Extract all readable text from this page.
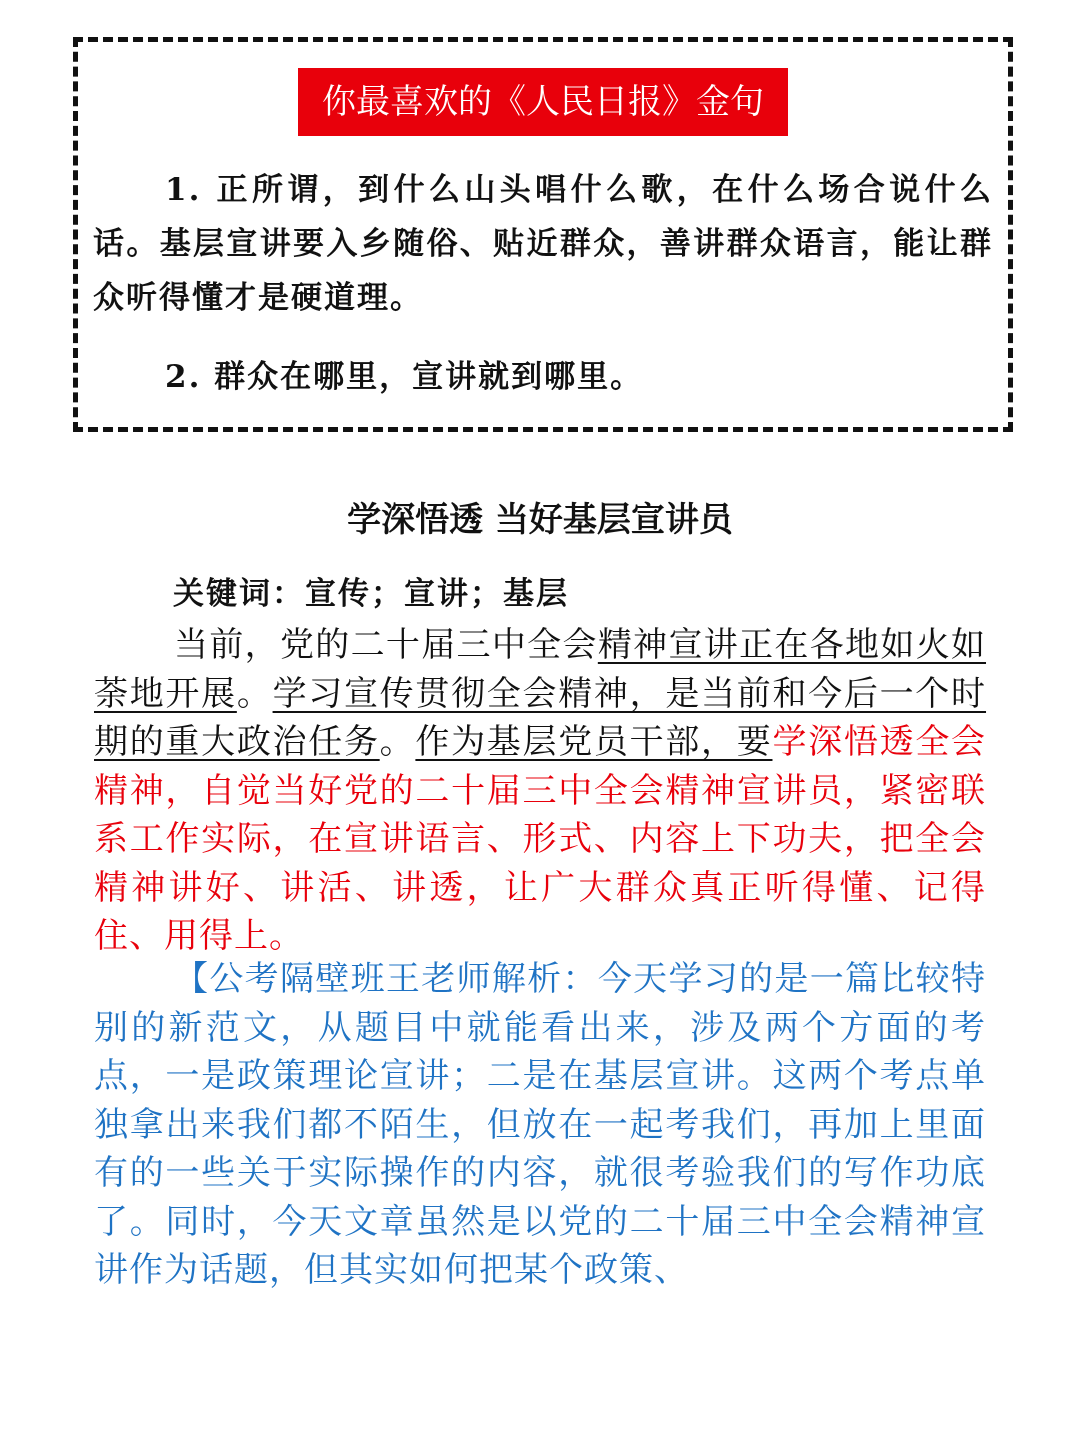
你最喜欢的《人民日报》金句
1. 正所谓，到什么山头唱什么歌，在什么场合说什么话。基层宣讲要入乡随俗、贴近群众，善讲群众语言，能让群众听得懂才是硬道理。
2. 群众在哪里，宣讲就到哪里。
学深悟透 当好基层宣讲员
关键词：宣传；宣讲；基层

当前，党的二十届三中全会精神宣讲正在各地如火如荼地开展。学习宣传贯彻全会精神，是当前和今后一个时期的重大政治任务。作为基层党员干部，要学深悟透全会精神，自觉当好党的二十届三中全会精神宣讲员，紧密联系工作实际，在宣讲语言、形式、内容上下功夫，把全会精神讲好、讲活、讲透，让广大群众真正听得懂、记得住、用得上。

【公考隔壁班王老师解析：今天学习的是一篇比较特别的新范文，从题目中就能看出来，涉及两个方面的考点，一是政策理论宣讲；二是在基层宣讲。这两个考点单独拿出来我们都不陌生，但放在一起考我们，再加上里面有的一些关于实际操作的内容，就很考验我们的写作功底了。同时，今天文章虽然是以党的二十届三中全会精神宣讲作为话题，但其实如何把某个政策、
